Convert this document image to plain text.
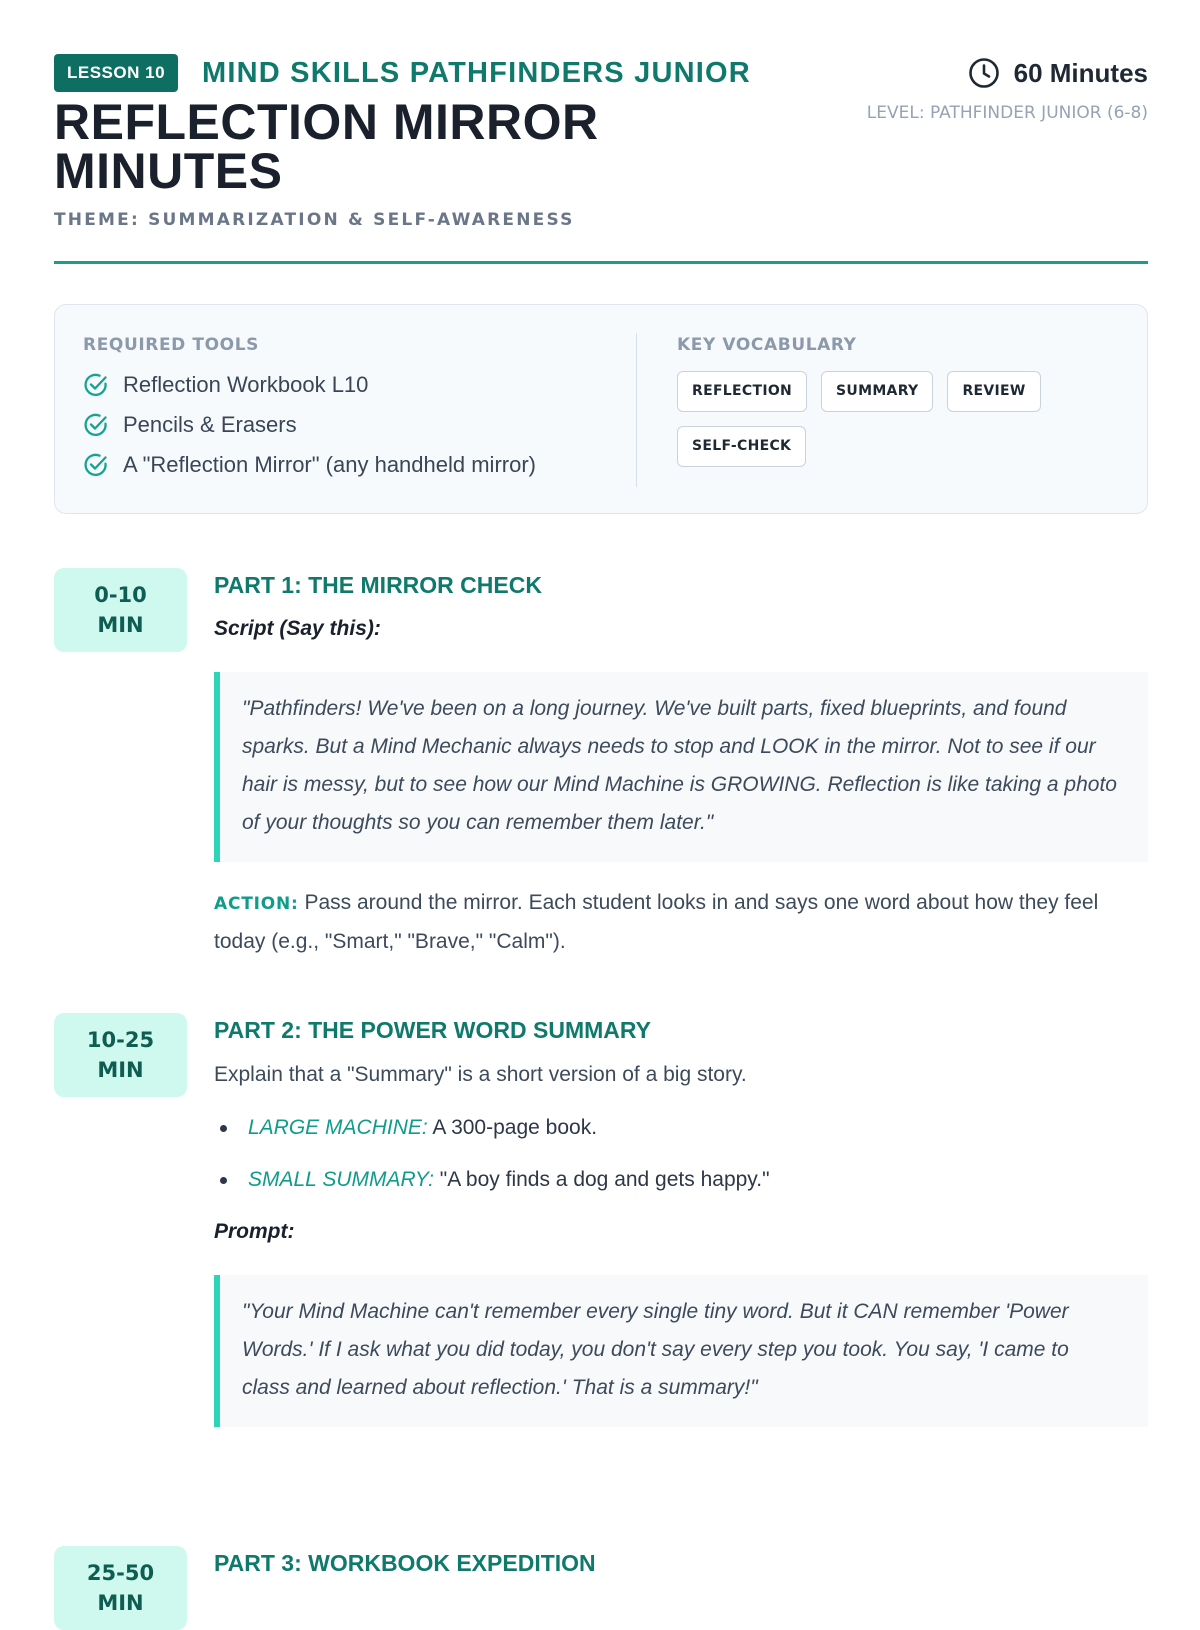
LESSON 10	MIND SKILLS PATHFINDERS JUNIOR
REFLECTION MIRROR
MINUTES
THEME: SUMMARIZATION & SELF-AWARENESS
60 Minutes
LEVEL: PATHFINDER JUNIOR (6-8)
REQUIRED TOOLS
Reflection Workbook L10
Pencils & Erasers
A "Reflection Mirror" (any handheld mirror)
KEY VOCABULARY
REFLECTION	SUMMARY	REVIEW
SELF-CHECK
0-10
MIN
PART 1: THE MIRROR CHECK
Script (Say this):
"Pathfinders! We've been on a long journey. We've built parts, fixed blueprints, and found sparks. But a Mind Mechanic always needs to stop and LOOK in the mirror. Not to see if our hair is messy, but to see how our Mind Machine is GROWING. Reflection is like taking a photo of your thoughts so you can remember them later."
ACTION: Pass around the mirror. Each student looks in and says one word about how they feel today (e.g., "Smart," "Brave," "Calm").
10-25
MIN
PART 2: THE POWER WORD SUMMARY
Explain that a "Summary" is a short version of a big story.
LARGE MACHINE: A 300-page book.
SMALL SUMMARY: "A boy finds a dog and gets happy."
Prompt:
"Your Mind Machine can't remember every single tiny word. But it CAN remember 'Power Words.' If I ask what you did today, you don't say every step you took. You say, 'I came to class and learned about reflection.' That is a summary!"
25-50
MIN
PART 3: WORKBOOK EXPEDITION
